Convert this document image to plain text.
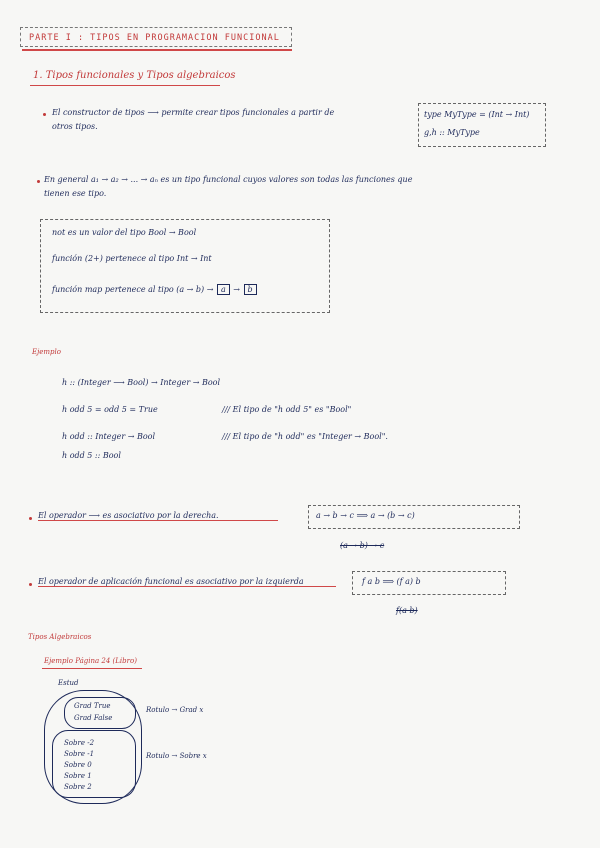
PARTE I : TIPOS EN PROGRAMACION FUNCIONAL
1. Tipos funcionales y Tipos algebraicos
El constructor de tipos ⟶ permite crear tipos funcionales a partir de
otros tipos.
type MyType = (Int → Int)
g,h :: MyType
En general a₁ → a₂ → ... → aₙ es un tipo funcional cuyos valores son todas las funciones que
tienen ese tipo.
not es un valor del tipo Bool → Bool
función (2+) pertenece al tipo Int → Int
función map pertenece al tipo (a → b) → a → b
Ejemplo
h :: (Integer ⟶ Bool) → Integer → Bool
h odd 5 = odd 5 = True	/// El tipo de "h odd 5" es "Bool"
h odd :: Integer → Bool	/// El tipo de "h odd" es "Integer → Bool".
h odd 5 :: Bool
El operador ⟶ es asociativo por la derecha.	a → b → c ⟹ a → (b → c)
(a → b) → c
El operador de aplicación funcional es asociativo por la izquierda	f a b ⟹ (f a) b
f(a b)
Tipos Algebraicos
Ejemplo Página 24 (Libro)
Estud
Grad True
Grad False
Sobre -2
Sobre -1
Sobre 0
Sobre 1
Sobre 2
Rotulo → Grad x
Rotulo → Sobre x
